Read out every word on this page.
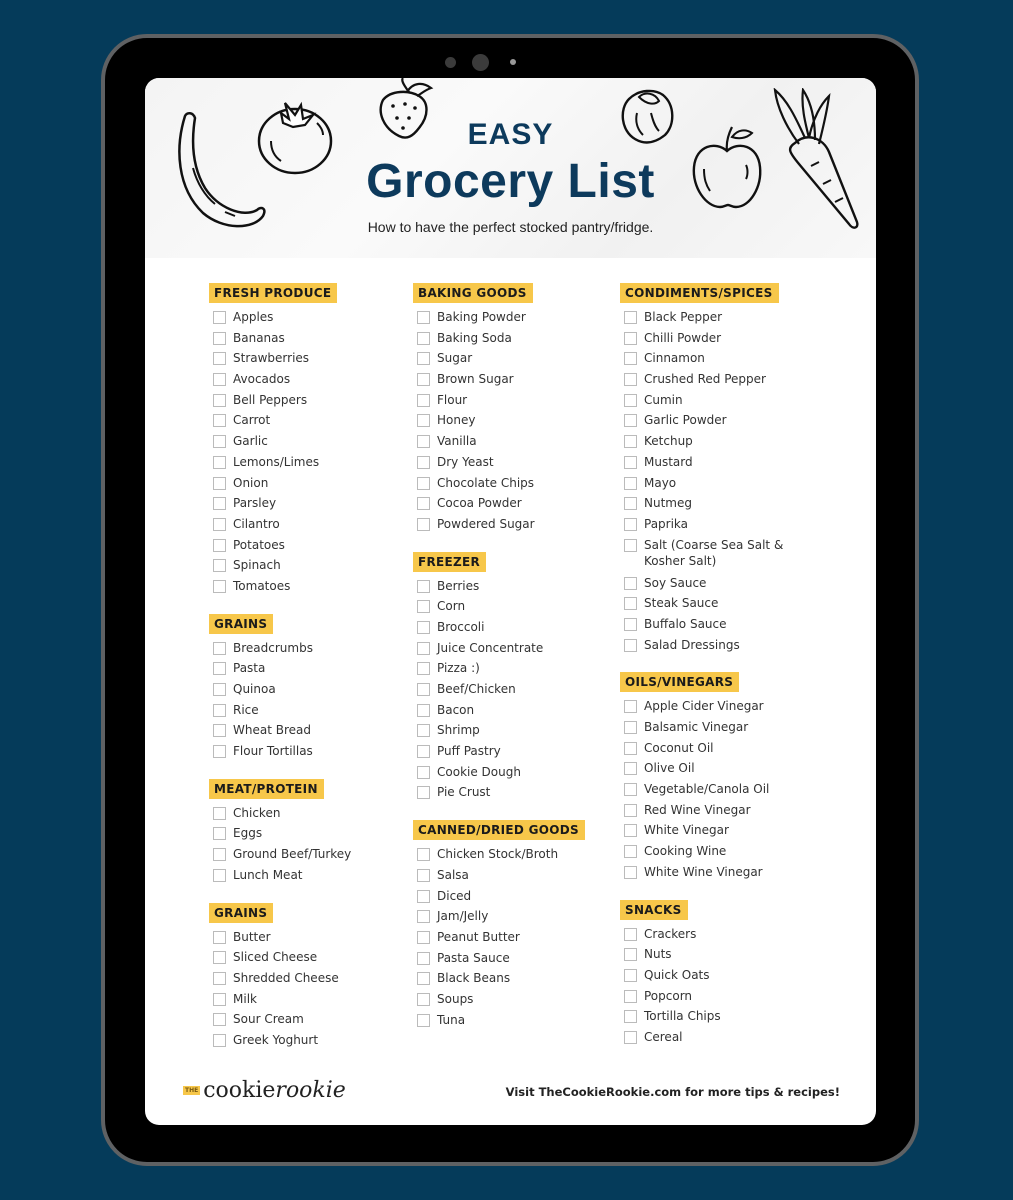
EASY
Grocery List
How to have the perfect stocked pantry/fridge.
FRESH PRODUCE
Apples
Bananas
Strawberries
Avocados
Bell Peppers
Carrot
Garlic
Lemons/Limes
Onion
Parsley
Cilantro
Potatoes
Spinach
Tomatoes
GRAINS
Breadcrumbs
Pasta
Quinoa
Rice
Wheat Bread
Flour Tortillas
MEAT/PROTEIN
Chicken
Eggs
Ground Beef/Turkey
Lunch Meat
GRAINS
Butter
Sliced Cheese
Shredded Cheese
Milk
Sour Cream
Greek Yoghurt
BAKING GOODS
Baking Powder
Baking Soda
Sugar
Brown Sugar
Flour
Honey
Vanilla
Dry Yeast
Chocolate Chips
Cocoa Powder
Powdered Sugar
FREEZER
Berries
Corn
Broccoli
Juice Concentrate
Pizza :)
Beef/Chicken
Bacon
Shrimp
Puff Pastry
Cookie Dough
Pie Crust
CANNED/DRIED GOODS
Chicken Stock/Broth
Salsa
Diced
Jam/Jelly
Peanut Butter
Pasta Sauce
Black Beans
Soups
Tuna
CONDIMENTS/SPICES
Black Pepper
Chilli Powder
Cinnamon
Crushed Red Pepper
Cumin
Garlic Powder
Ketchup
Mustard
Mayo
Nutmeg
Paprika
Salt (Coarse Sea Salt & Kosher Salt)
Soy Sauce
Steak Sauce
Buffalo Sauce
Salad Dressings
OILS/VINEGARS
Apple Cider Vinegar
Balsamic Vinegar
Coconut Oil
Olive Oil
Vegetable/Canola Oil
Red Wine Vinegar
White Vinegar
Cooking Wine
White Wine Vinegar
SNACKS
Crackers
Nuts
Quick Oats
Popcorn
Tortilla Chips
Cereal
THE cookie rookie	Visit TheCookieRookie.com for more tips & recipes!
